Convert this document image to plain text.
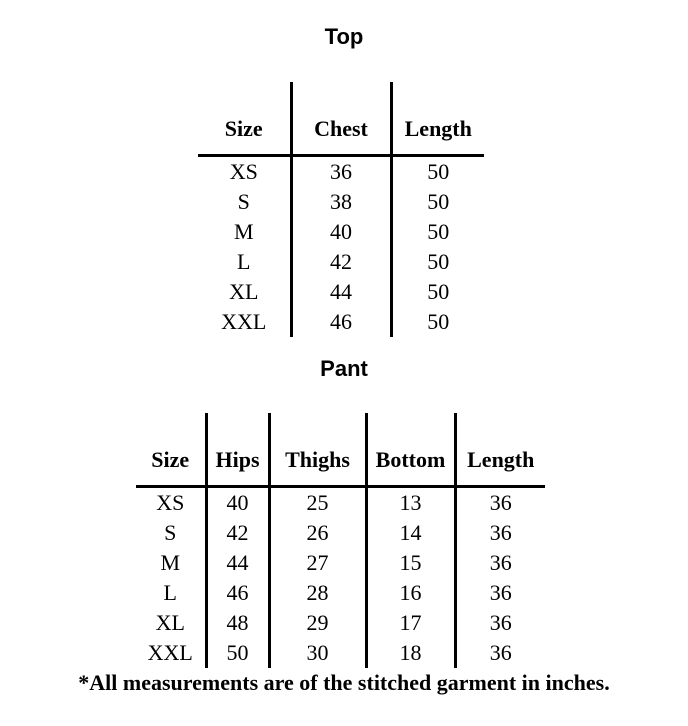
Top
Size	Chest	Length
XS	36	50
S	38	50
M	40	50
L	42	50
XL	44	50
XXL	46	50
Pant
Size	Hips	Thighs	Bottom	Length
XS	40	25	13	36
S	42	26	14	36
M	44	27	15	36
L	46	28	16	36
XL	48	29	17	36
XXL	50	30	18	36
*All measurements are of the stitched garment in inches.
